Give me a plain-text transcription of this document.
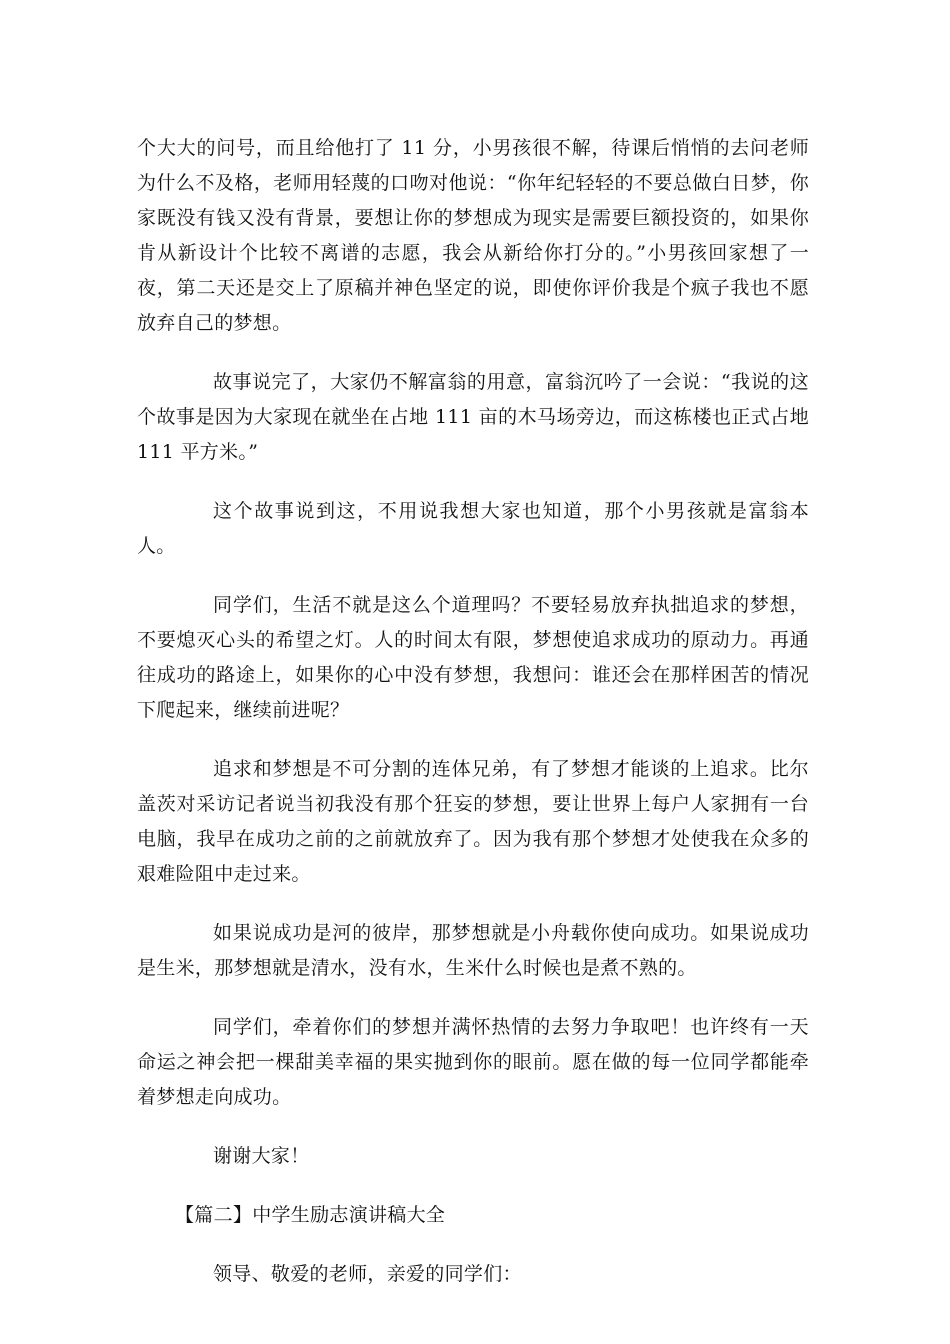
个大大的问号，而且给他打了 11 分，小男孩很不解，待课后悄悄的去问老师为什么不及格，老师用轻蔑的口吻对他说：“你年纪轻轻的不要总做白日梦，你家既没有钱又没有背景，要想让你的梦想成为现实是需要巨额投资的，如果你肯从新设计个比较不离谱的志愿，我会从新给你打分的。”小男孩回家想了一夜，第二天还是交上了原稿并神色坚定的说，即使你评价我是个疯子我也不愿放弃自己的梦想。

故事说完了，大家仍不解富翁的用意，富翁沉吟了一会说：“我说的这个故事是因为大家现在就坐在占地 111 亩的木马场旁边，而这栋楼也正式占地 111 平方米。”

这个故事说到这，不用说我想大家也知道，那个小男孩就是富翁本人。

同学们，生活不就是这么个道理吗？不要轻易放弃执拙追求的梦想，不要熄灭心头的希望之灯。人的时间太有限，梦想使追求成功的原动力。再通往成功的路途上，如果你的心中没有梦想，我想问：谁还会在那样困苦的情况下爬起来，继续前进呢？

追求和梦想是不可分割的连体兄弟，有了梦想才能谈的上追求。比尔盖茨对采访记者说当初我没有那个狂妄的梦想，要让世界上每户人家拥有一台电脑，我早在成功之前的之前就放弃了。因为我有那个梦想才处使我在众多的艰难险阻中走过来。

如果说成功是河的彼岸，那梦想就是小舟载你使向成功。如果说成功是生米，那梦想就是清水，没有水，生米什么时候也是煮不熟的。

同学们，牵着你们的梦想并满怀热情的去努力争取吧！也许终有一天命运之神会把一棵甜美幸福的果实抛到你的眼前。愿在做的每一位同学都能牵着梦想走向成功。

谢谢大家！

【篇二】中学生励志演讲稿大全

领导、敬爱的老师，亲爱的同学们：
